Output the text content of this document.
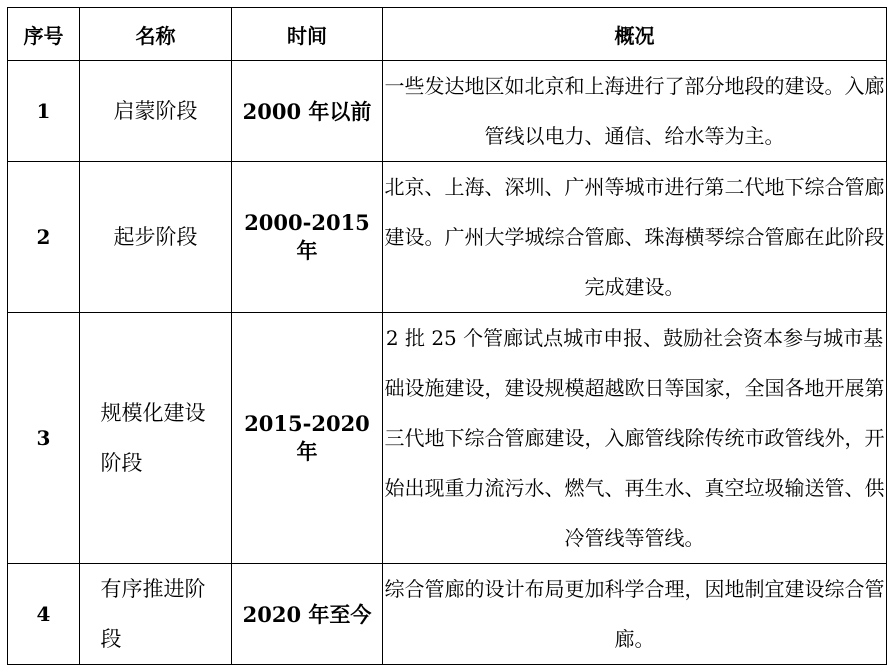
序号	名称	时间	概况
1	启蒙阶段	2000 年以前	一些发达地区如北京和上海进行了部分地段的建设。入廊管线以电力、通信、给水等为主。
2	起步阶段	2000-2015 年	北京、上海、深圳、广州等城市进行第二代地下综合管廊建设。广州大学城综合管廊、珠海横琴综合管廊在此阶段完成建设。
3	规模化建设阶段	2015-2020 年	2 批 25 个管廊试点城市申报、鼓励社会资本参与城市基础设施建设，建设规模超越欧日等国家，全国各地开展第三代地下综合管廊建设，入廊管线除传统市政管线外，开始出现重力流污水、燃气、再生水、真空垃圾输送管、供冷管线等管线。
4	有序推进阶段	2020 年至今	综合管廊的设计布局更加科学合理，因地制宜建设综合管廊。
